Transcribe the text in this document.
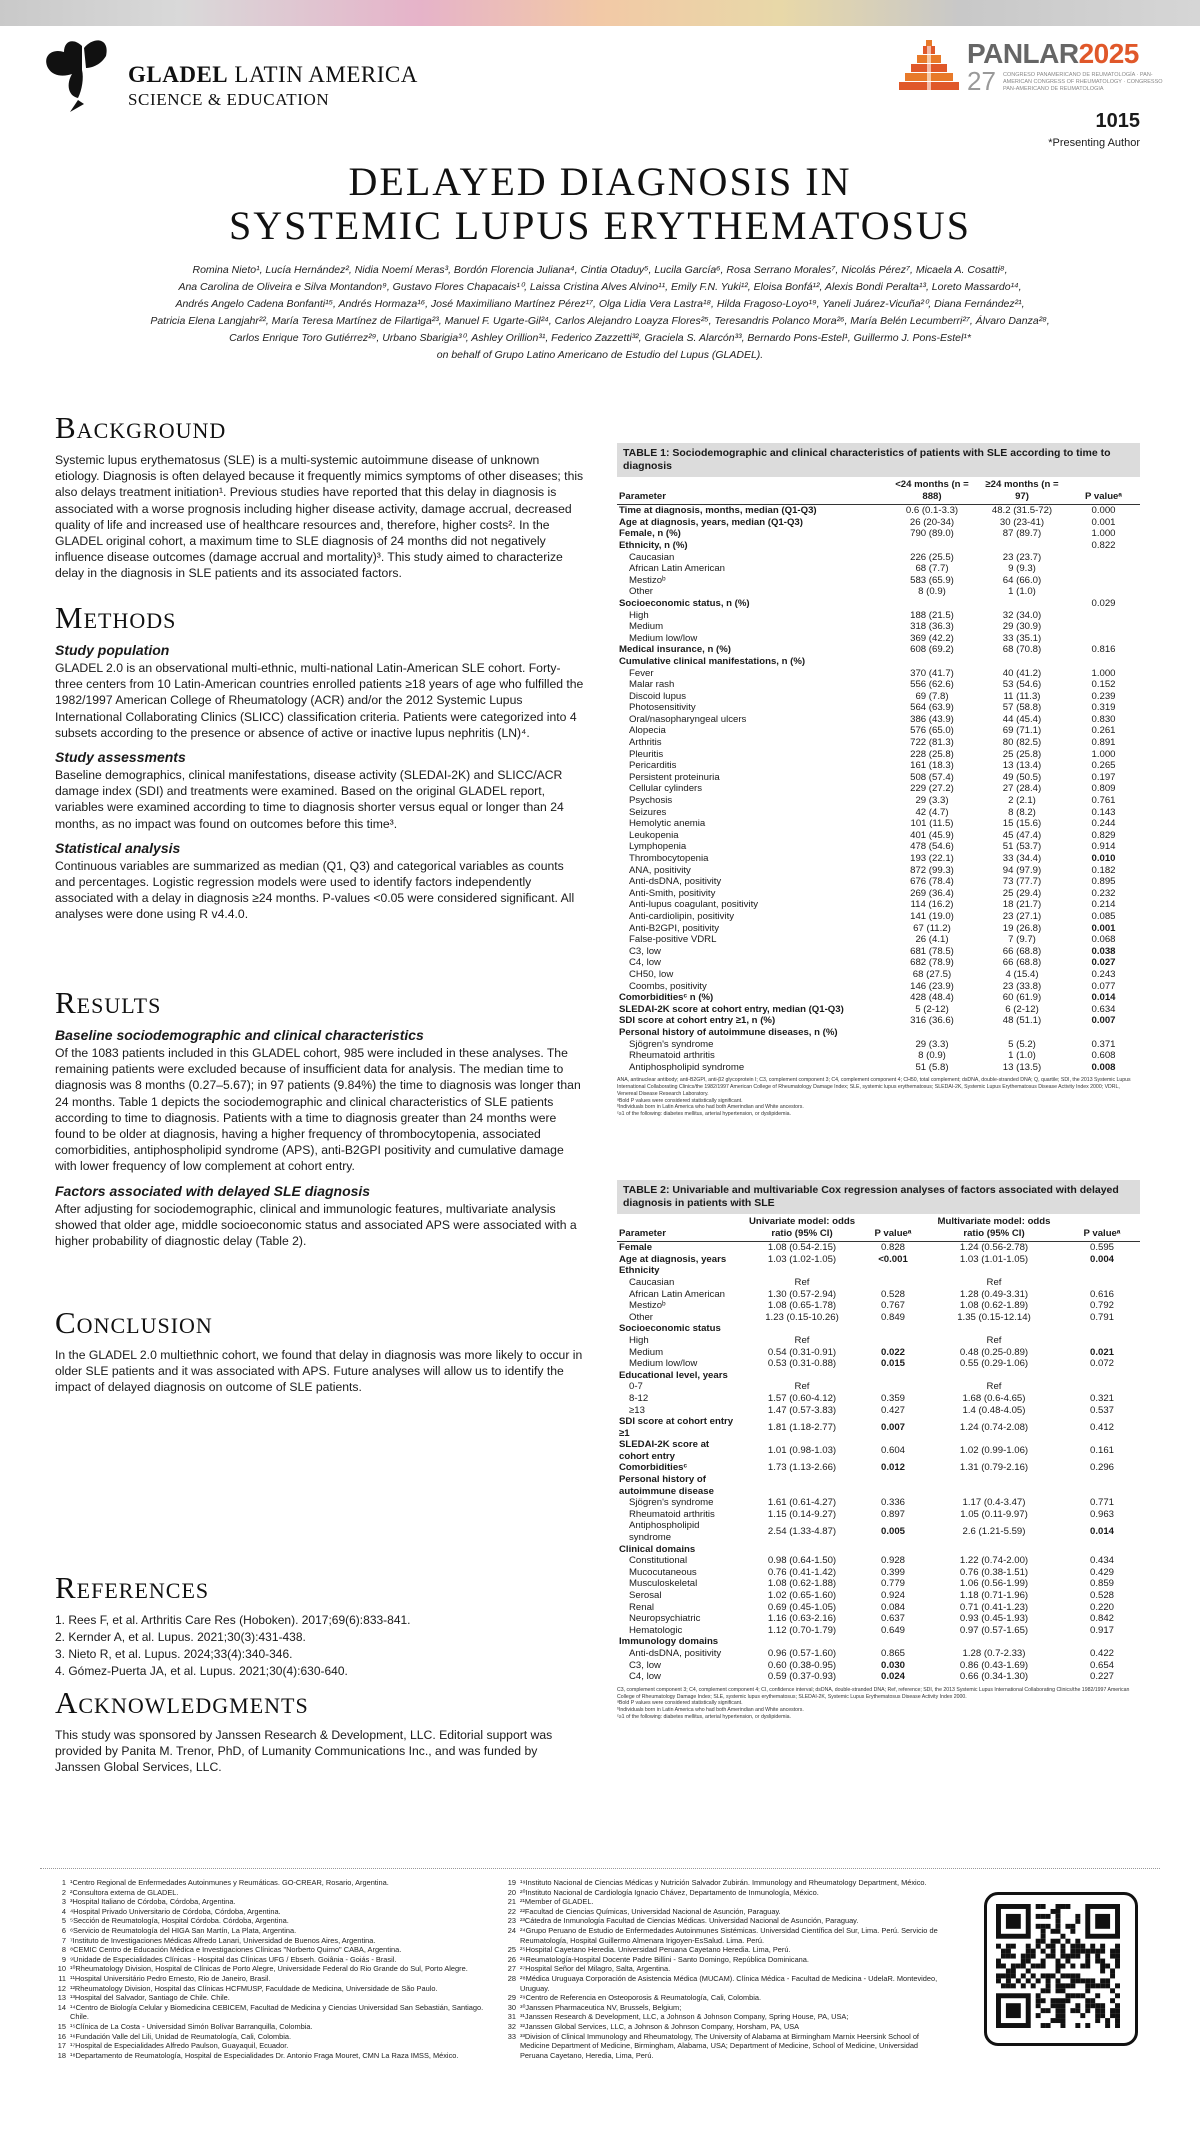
GLADEL LATIN AMERICA
SCIENCE & EDUCATION
PANLAR2025
27 CONGRESO PANAMERICANO DE REUMATOLOGÍA · PAN-AMERICAN CONGRESS OF RHEUMATOLOGY · CONGRESSO PAN-AMERICANO DE REUMATOLOGIA
1015
*Presenting Author
DELAYED DIAGNOSIS IN
SYSTEMIC LUPUS ERYTHEMATOSUS
Romina Nieto¹, Lucía Hernández², Nidia Noemí Meras³, Bordón Florencia Juliana⁴, Cintia Otaduy⁵, Lucila García⁶, Rosa Serrano Morales⁷, Nicolás Pérez⁷, Micaela A. Cosatti⁸,
Ana Carolina de Oliveira e Silva Montandon⁹, Gustavo Flores Chapacais¹⁰, Laissa Cristina Alves Alvino¹¹, Emily F.N. Yuki¹², Eloisa Bonfá¹², Alexis Bondi Peralta¹³, Loreto Massardo¹⁴,
Andrés Angelo Cadena Bonfanti¹⁵, Andrés Hormaza¹⁶, José Maximiliano Martínez Pérez¹⁷, Olga Lidia Vera Lastra¹⁸, Hilda Fragoso-Loyo¹⁹, Yaneli Juárez-Vicuña²⁰, Diana Fernández²¹,
Patricia Elena Langjahr²², María Teresa Martínez de Filartiga²³, Manuel F. Ugarte-Gil²⁴, Carlos Alejandro Loayza Flores²⁵, Teresandris Polanco Mora²⁶, María Belén Lecumberri²⁷, Álvaro Danza²⁸,
Carlos Enrique Toro Gutiérrez²⁹, Urbano Sbarigia³⁰, Ashley Orillion³¹, Federico Zazzetti³², Graciela S. Alarcón³³, Bernardo Pons-Estel¹, Guillermo J. Pons-Estel¹*
on behalf of Grupo Latino Americano de Estudio del Lupus (GLADEL).
Background
Systemic lupus erythematosus (SLE) is a multi-systemic autoimmune disease of unknown etiology. Diagnosis is often delayed because it frequently mimics symptoms of other diseases; this also delays treatment initiation¹. Previous studies have reported that this delay in diagnosis is associated with a worse prognosis including higher disease activity, damage accrual, decreased quality of life and increased use of healthcare resources and, therefore, higher costs². In the GLADEL original cohort, a maximum time to SLE diagnosis of 24 months did not negatively influence disease outcomes (damage accrual and mortality)³. This study aimed to characterize delay in the diagnosis in SLE patients and its associated factors.
Methods
Study population
GLADEL 2.0 is an observational multi-ethnic, multi-national Latin-American SLE cohort. Forty-three centers from 10 Latin-American countries enrolled patients ≥18 years of age who fulfilled the 1982/1997 American College of Rheumatology (ACR) and/or the 2012 Systemic Lupus International Collaborating Clinics (SLICC) classification criteria. Patients were categorized into 4 subsets according to the presence or absence of active or inactive lupus nephritis (LN)⁴.
Study assessments
Baseline demographics, clinical manifestations, disease activity (SLEDAI-2K) and SLICC/ACR damage index (SDI) and treatments were examined. Based on the original GLADEL report, variables were examined according to time to diagnosis shorter versus equal or longer than 24 months, as no impact was found on outcomes before this time³.
Statistical analysis
Continuous variables are summarized as median (Q1, Q3) and categorical variables as counts and percentages. Logistic regression models were used to identify factors independently associated with a delay in diagnosis ≥24 months. P-values <0.05 were considered significant. All analyses were done using R v4.4.0.
Results
Baseline sociodemographic and clinical characteristics
Of the 1083 patients included in this GLADEL cohort, 985 were included in these analyses. The remaining patients were excluded because of insufficient data for analysis. The median time to diagnosis was 8 months (0.27–5.67); in 97 patients (9.84%) the time to diagnosis was longer than 24 months. Table 1 depicts the sociodemographic and clinical characteristics of SLE patients according to time to diagnosis. Patients with a time to diagnosis greater than 24 months were found to be older at diagnosis, having a higher frequency of thrombocytopenia, associated comorbidities, antiphospholipid syndrome (APS), anti-B2GPI positivity and cumulative damage with lower frequency of low complement at cohort entry.
Factors associated with delayed SLE diagnosis
After adjusting for sociodemographic, clinical and immunologic features, multivariate analysis showed that older age, middle socioeconomic status and associated APS were associated with a higher probability of diagnostic delay (Table 2).
Conclusion
In the GLADEL 2.0 multiethnic cohort, we found that delay in diagnosis was more likely to occur in older SLE patients and it was associated with APS. Future analyses will allow us to identify the impact of delayed diagnosis on outcome of SLE patients.
References
1. Rees F, et al. Arthritis Care Res (Hoboken). 2017;69(6):833-841.
2. Kernder A, et al. Lupus. 2021;30(3):431-438.
3. Nieto R, et al. Lupus. 2024;33(4):340-346.
4. Gómez-Puerta JA, et al. Lupus. 2021;30(4):630-640.
Acknowledgments
This study was sponsored by Janssen Research & Development, LLC. Editorial support was provided by Panita M. Trenor, PhD, of Lumanity Communications Inc., and was funded by Janssen Global Services, LLC.
TABLE 1: Sociodemographic and clinical characteristics of patients with SLE according to time to diagnosis
Parameter	<24 months (n = 888)	≥24 months (n = 97)	P valueᵃ
Time at diagnosis, months, median (Q1-Q3)	0.6 (0.1-3.3)	48.2 (31.5-72)	0.000
Age at diagnosis, years, median (Q1-Q3)	26 (20-34)	30 (23-41)	0.001
Female, n (%)	790 (89.0)	87 (89.7)	1.000
Ethnicity, n (%)			0.822
Caucasian	226 (25.5)	23 (23.7)	
African Latin American	68 (7.7)	9 (9.3)	
Mestizoᵇ	583 (65.9)	64 (66.0)	
Other	8 (0.9)	1 (1.0)	
Socioeconomic status, n (%)			0.029
High	188 (21.5)	32 (34.0)	
Medium	318 (36.3)	29 (30.9)	
Medium low/low	369 (42.2)	33 (35.1)	
Medical insurance, n (%)	608 (69.2)	68 (70.8)	0.816
Cumulative clinical manifestations, n (%)			
Fever	370 (41.7)	40 (41.2)	1.000
Malar rash	556 (62.6)	53 (54.6)	0.152
Discoid lupus	69 (7.8)	11 (11.3)	0.239
Photosensitivity	564 (63.9)	57 (58.8)	0.319
Oral/nasopharyngeal ulcers	386 (43.9)	44 (45.4)	0.830
Alopecia	576 (65.0)	69 (71.1)	0.261
Arthritis	722 (81.3)	80 (82.5)	0.891
Pleuritis	228 (25.8)	25 (25.8)	1.000
Pericarditis	161 (18.3)	13 (13.4)	0.265
Persistent proteinuria	508 (57.4)	49 (50.5)	0.197
Cellular cylinders	229 (27.2)	27 (28.4)	0.809
Psychosis	29 (3.3)	2 (2.1)	0.761
Seizures	42 (4.7)	8 (8.2)	0.143
Hemolytic anemia	101 (11.5)	15 (15.6)	0.244
Leukopenia	401 (45.9)	45 (47.4)	0.829
Lymphopenia	478 (54.6)	51 (53.7)	0.914
Thrombocytopenia	193 (22.1)	33 (34.4)	0.010
ANA, positivity	872 (99.3)	94 (97.9)	0.182
Anti-dsDNA, positivity	676 (78.4)	73 (77.7)	0.895
Anti-Smith, positivity	269 (36.4)	25 (29.4)	0.232
Anti-lupus coagulant, positivity	114 (16.2)	18 (21.7)	0.214
Anti-cardiolipin, positivity	141 (19.0)	23 (27.1)	0.085
Anti-B2GPI, positivity	67 (11.2)	19 (26.8)	0.001
False-positive VDRL	26 (4.1)	7 (9.7)	0.068
C3, low	681 (78.5)	66 (68.8)	0.038
C4, low	682 (78.9)	66 (68.8)	0.027
CH50, low	68 (27.5)	4 (15.4)	0.243
Coombs, positivity	146 (23.9)	23 (33.8)	0.077
Comorbiditiesᶜ n (%)	428 (48.4)	60 (61.9)	0.014
SLEDAI-2K score at cohort entry, median (Q1-Q3)	5 (2-12)	6 (2-12)	0.634
SDI score at cohort entry ≥1, n (%)	316 (36.6)	48 (51.1)	0.007
Personal history of autoimmune diseases, n (%)			
Sjögren's syndrome	29 (3.3)	5 (5.2)	0.371
Rheumatoid arthritis	8 (0.9)	1 (1.0)	0.608
Antiphospholipid syndrome	51 (5.8)	13 (13.5)	0.008
ANA, antinuclear antibody; anti-B2GPI, anti-β2 glycoprotein I; C3, complement component 3; C4, complement component 4; CH50, total complement; dsDNA, double-stranded DNA; Q, quartile; SDI, the 2013 Systemic Lupus International Collaborating Clinics/the 1982/1997 American College of Rheumatology Damage Index; SLE, systemic lupus erythematosus; SLEDAI-2K, Systemic Lupus Erythematosus Disease Activity Index 2000; VDRL, Venereal Disease Research Laboratory.
ᵃBold P values were considered statistically significant.
ᵇIndividuals born in Latin America who had both Amerindian and White ancestors.
ᶜ≥1 of the following: diabetes mellitus, arterial hypertension, or dyslipidemia.
TABLE 2: Univariable and multivariable Cox regression analyses of factors associated with delayed diagnosis in patients with SLE
Parameter	Univariate model: odds ratio (95% CI)	P valueᵃ	Multivariate model: odds ratio (95% CI)	P valueᵃ
Female	1.08 (0.54-2.15)	0.828	1.24 (0.56-2.78)	0.595
Age at diagnosis, years	1.03 (1.02-1.05)	<0.001	1.03 (1.01-1.05)	0.004
Ethnicity				
Caucasian	Ref		Ref	
African Latin American	1.30 (0.57-2.94)	0.528	1.28 (0.49-3.31)	0.616
Mestizoᵇ	1.08 (0.65-1.78)	0.767	1.08 (0.62-1.89)	0.792
Other	1.23 (0.15-10.26)	0.849	1.35 (0.15-12.14)	0.791
Socioeconomic status				
High	Ref		Ref	
Medium	0.54 (0.31-0.91)	0.022	0.48 (0.25-0.89)	0.021
Medium low/low	0.53 (0.31-0.88)	0.015	0.55 (0.29-1.06)	0.072
Educational level, years				
0-7	Ref		Ref	
8-12	1.57 (0.60-4.12)	0.359	1.68 (0.6-4.65)	0.321
≥13	1.47 (0.57-3.83)	0.427	1.4 (0.48-4.05)	0.537
SDI score at cohort entry ≥1	1.81 (1.18-2.77)	0.007	1.24 (0.74-2.08)	0.412
SLEDAI-2K score at cohort entry	1.01 (0.98-1.03)	0.604	1.02 (0.99-1.06)	0.161
Comorbiditiesᶜ	1.73 (1.13-2.66)	0.012	1.31 (0.79-2.16)	0.296
Personal history of autoimmune disease				
Sjögren's syndrome	1.61 (0.61-4.27)	0.336	1.17 (0.4-3.47)	0.771
Rheumatoid arthritis	1.15 (0.14-9.27)	0.897	1.05 (0.11-9.97)	0.963
Antiphospholipid syndrome	2.54 (1.33-4.87)	0.005	2.6 (1.21-5.59)	0.014
Clinical domains				
Constitutional	0.98 (0.64-1.50)	0.928	1.22 (0.74-2.00)	0.434
Mucocutaneous	0.76 (0.41-1.42)	0.399	0.76 (0.38-1.51)	0.429
Musculoskeletal	1.08 (0.62-1.88)	0.779	1.06 (0.56-1.99)	0.859
Serosal	1.02 (0.65-1.60)	0.924	1.18 (0.71-1.96)	0.528
Renal	0.69 (0.45-1.05)	0.084	0.71 (0.41-1.23)	0.220
Neuropsychiatric	1.16 (0.63-2.16)	0.637	0.93 (0.45-1.93)	0.842
Hematologic	1.12 (0.70-1.79)	0.649	0.97 (0.57-1.65)	0.917
Immunology domains				
Anti-dsDNA, positivity	0.96 (0.57-1.60)	0.865	1.28 (0.7-2.33)	0.422
C3, low	0.60 (0.38-0.95)	0.030	0.86 (0.43-1.69)	0.654
C4, low	0.59 (0.37-0.93)	0.024	0.66 (0.34-1.30)	0.227
C3, complement component 3; C4, complement component 4; CI, confidence interval; dsDNA, double-stranded DNA; Ref, reference; SDI, the 2013 Systemic Lupus International Collaborating Clinics/the 1982/1997 American College of Rheumatology Damage Index; SLE, systemic lupus erythematosus; SLEDAI-2K, Systemic Lupus Erythematosus Disease Activity Index 2000.
ᵃBold P values were considered statistically significant.
ᵇIndividuals born in Latin America who had both Amerindian and White ancestors.
ᶜ≥1 of the following: diabetes mellitus, arterial hypertension, or dyslipidemia.
1 ¹Centro Regional de Enfermedades Autoinmunes y Reumáticas. GO-CREAR, Rosario, Argentina.
2 ²Consultora externa de GLADEL.
3 ³Hospital Italiano de Córdoba, Córdoba, Argentina.
4 ⁴Hospital Privado Universitario de Córdoba, Córdoba, Argentina.
5 ⁵Sección de Reumatología, Hospital Córdoba. Córdoba, Argentina.
6 ⁶Servicio de Reumatología del HIGA San Martín, La Plata, Argentina.
7 ⁷Instituto de Investigaciones Médicas Alfredo Lanari, Universidad de Buenos Aires, Argentina.
8 ⁸CEMIC Centro de Educación Médica e Investigaciones Clínicas "Norberto Quirno" CABA, Argentina.
9 ⁹Unidade de Especialidades Clínicas - Hospital das Clínicas UFG / Ebserh. Goiânia - Goiás - Brasil.
10 ¹⁰Rheumatology Division, Hospital de Clínicas de Porto Alegre, Universidade Federal do Rio Grande do Sul, Porto Alegre.
11 ¹¹Hospital Universitário Pedro Ernesto, Rio de Janeiro, Brasil.
12 ¹²Rheumatology Division, Hospital das Clínicas HCFMUSP, Faculdade de Medicina, Universidade de São Paulo.
13 ¹³Hospital del Salvador, Santiago de Chile. Chile.
14 ¹⁴Centro de Biología Celular y Biomedicina CEBICEM, Facultad de Medicina y Ciencias Universidad San Sebastián, Santiago. Chile.
15 ¹⁵Clínica de La Costa - Universidad Simón Bolívar Barranquilla, Colombia.
16 ¹⁶Fundación Valle del Lili, Unidad de Reumatología, Cali, Colombia.
17 ¹⁷Hospital de Especialidades Alfredo Paulson, Guayaquil, Ecuador.
18 ¹⁸Departamento de Reumatología, Hospital de Especialidades Dr. Antonio Fraga Mouret, CMN La Raza IMSS, México.
19 ¹⁹Instituto Nacional de Ciencias Médicas y Nutrición Salvador Zubirán. Immunology and Rheumatology Department, México.
20 ²⁰Instituto Nacional de Cardiología Ignacio Chávez, Departamento de Inmunología, México.
21 ²¹Member of GLADEL.
22 ²²Facultad de Ciencias Químicas, Universidad Nacional de Asunción, Paraguay.
23 ²³Cátedra de Inmunología Facultad de Ciencias Médicas. Universidad Nacional de Asunción, Paraguay.
24 ²⁴Grupo Peruano de Estudio de Enfermedades Autoinmunes Sistémicas. Universidad Científica del Sur, Lima. Perú. Servicio de Reumatología, Hospital Guillermo Almenara Irigoyen-EsSalud. Lima. Perú.
25 ²⁵Hospital Cayetano Heredia. Universidad Peruana Cayetano Heredia. Lima, Perú.
26 ²⁶Reumatología-Hospital Docente Padre Billini - Santo Domingo, República Dominicana.
27 ²⁷Hospital Señor del Milagro, Salta, Argentina.
28 ²⁸Médica Uruguaya Corporación de Asistencia Médica (MUCAM). Clínica Médica - Facultad de Medicina - UdelaR. Montevideo, Uruguay.
29 ²⁹Centro de Referencia en Osteoporosis & Reumatología, Cali, Colombia.
30 ³⁰Janssen Pharmaceutica NV, Brussels, Belgium;
31 ³¹Janssen Research & Development, LLC, a Johnson & Johnson Company, Spring House, PA, USA;
32 ³²Janssen Global Services, LLC, a Johnson & Johnson Company, Horsham, PA, USA
33 ³³Division of Clinical Immunology and Rheumatology, The University of Alabama at Birmingham Marnix Heersink School of Medicine Department of Medicine, Birmingham, Alabama, USA; Department of Medicine, School of Medicine, Universidad Peruana Cayetano, Heredia, Lima, Perú.
